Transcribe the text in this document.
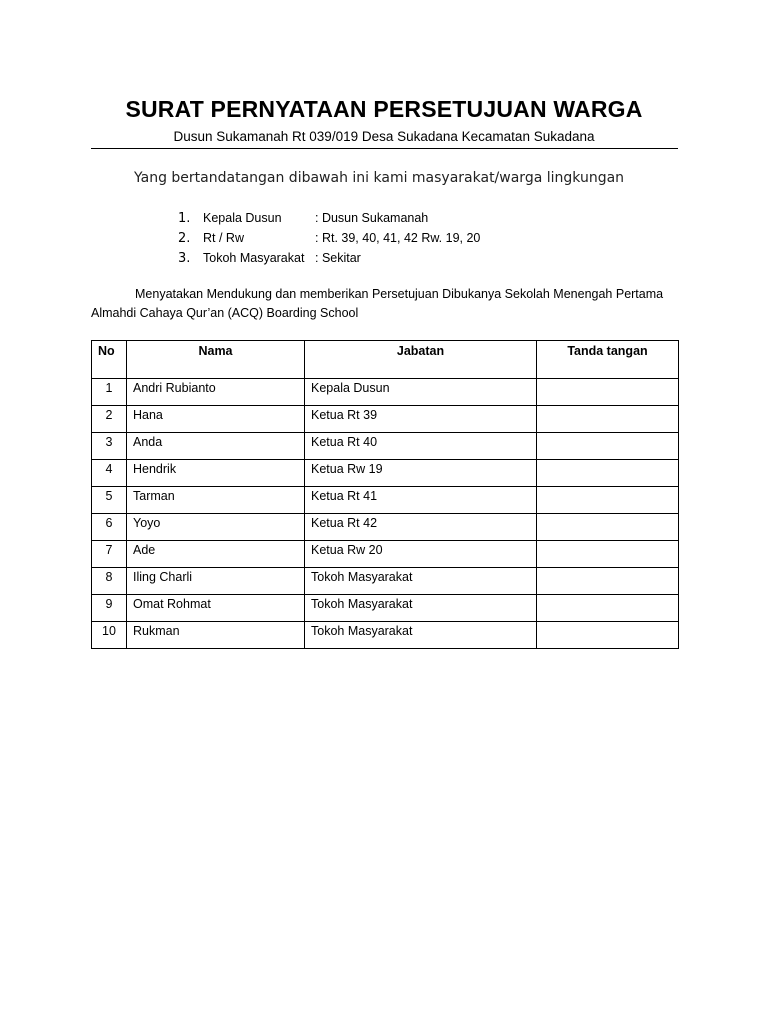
SURAT PERNYATAAN PERSETUJUAN WARGA
Dusun Sukamanah Rt 039/019 Desa Sukadana Kecamatan Sukadana
Yang bertandatangan dibawah ini kami masyarakat/warga lingkungan
1.	Kepala Dusun	: Dusun Sukamanah
2.	Rt / Rw	: Rt. 39, 40, 41, 42 Rw. 19, 20
3.	Tokoh Masyarakat : Sekitar
Menyatakan Mendukung dan memberikan Persetujuan Dibukanya Sekolah Menengah Pertama Almahdi Cahaya Qur’an (ACQ) Boarding School
No	Nama	Jabatan	Tanda tangan
1	Andri Rubianto	Kepala Dusun	
2	Hana	Ketua Rt 39	
3	Anda	Ketua Rt 40	
4	Hendrik	Ketua Rw 19	
5	Tarman	Ketua Rt 41	
6	Yoyo	Ketua Rt 42	
7	Ade	Ketua Rw 20	
8	Iling Charli	Tokoh Masyarakat	
9	Omat Rohmat	Tokoh Masyarakat	
10	Rukman	Tokoh Masyarakat	
